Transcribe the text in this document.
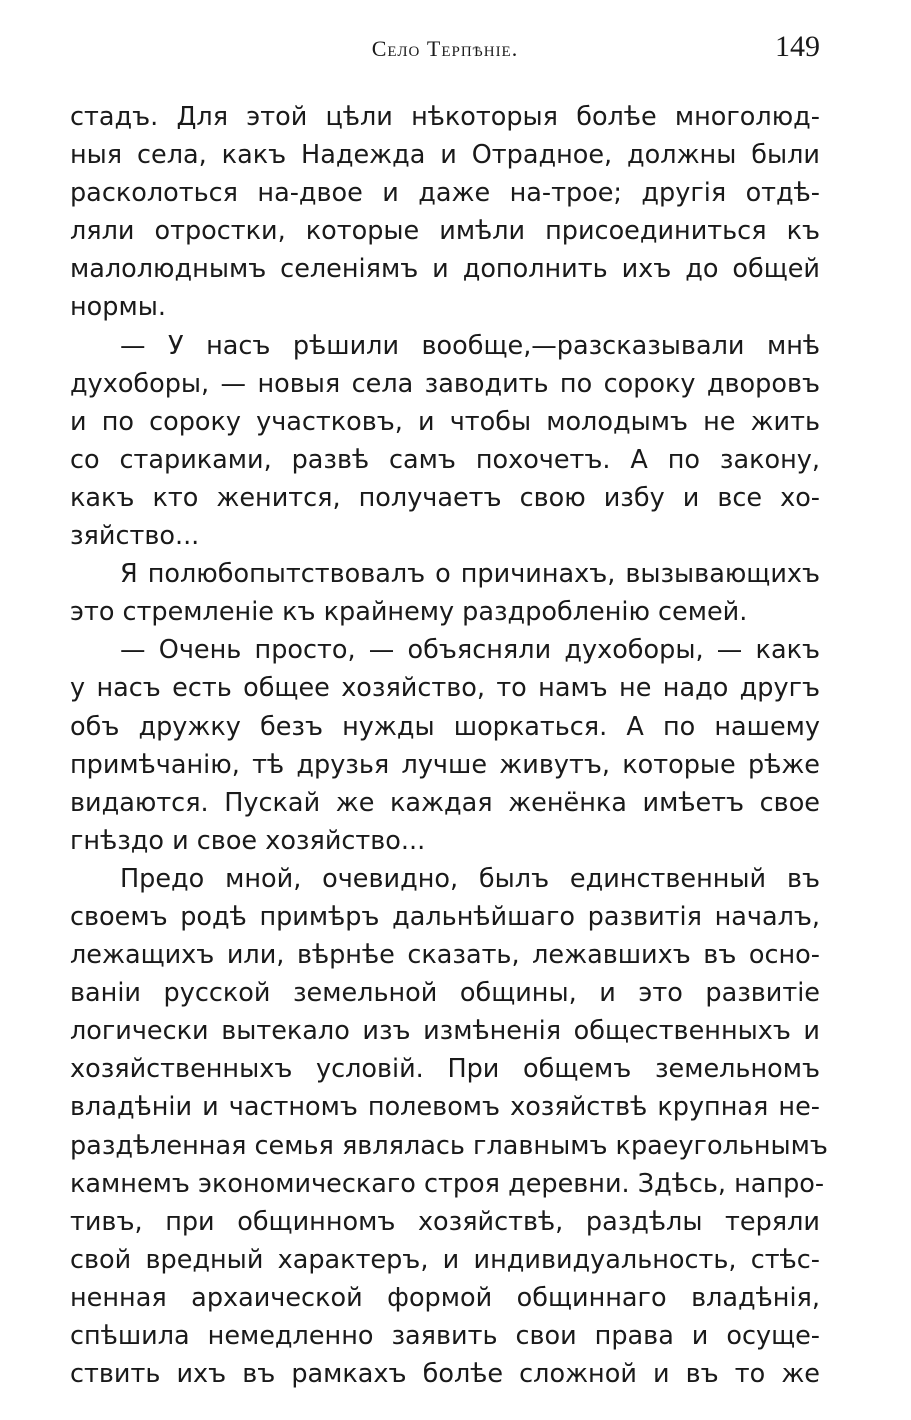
Село Терпѣніе.	149
стадъ. Для этой цѣли нѣкоторыя болѣе многолюд-
ныя села, какъ Надежда и Отрадное, должны были
расколоться на-двое и даже на-трое; другія отдѣ-
ляли отростки, которые имѣли присоединиться къ
малолюднымъ селеніямъ и дополнить ихъ до общей
нормы.
— У насъ рѣшили вообще,—разсказывали мнѣ
духоборы, — новыя села заводить по сороку дворовъ
и по сороку участковъ, и чтобы молодымъ не жить
со стариками, развѣ самъ похочетъ. А по закону,
какъ кто женится, получаетъ свою избу и все хо-
зяйство...
Я полюбопытствовалъ о причинахъ, вызывающихъ
это стремленіе къ крайнему раздробленію семей.
— Очень просто, — объясняли духоборы, — какъ
у насъ есть общее хозяйство, то намъ не надо другъ
объ дружку безъ нужды шоркаться. А по нашему
примѣчанію, тѣ друзья лучше живутъ, которые рѣже
видаются. Пускай же каждая женёнка имѣетъ свое
гнѣздо и свое хозяйство...
Предо мной, очевидно, былъ единственный въ
своемъ родѣ примѣръ дальнѣйшаго развитія началъ,
лежащихъ или, вѣрнѣе сказать, лежавшихъ въ осно-
ваніи русской земельной общины, и это развитіе
логически вытекало изъ измѣненія общественныхъ и
хозяйственныхъ условій. При общемъ земельномъ
владѣніи и частномъ полевомъ хозяйствѣ крупная не-
раздѣленная семья являлась главнымъ краеугольнымъ
камнемъ экономическаго строя деревни. Здѣсь, напро-
тивъ, при общинномъ хозяйствѣ, раздѣлы теряли
свой вредный характеръ, и индивидуальность, стѣс-
ненная архаической формой общиннаго владѣнія,
спѣшила немедленно заявить свои права и осущe-
ствить ихъ въ рамкахъ болѣе сложной и въ то же
